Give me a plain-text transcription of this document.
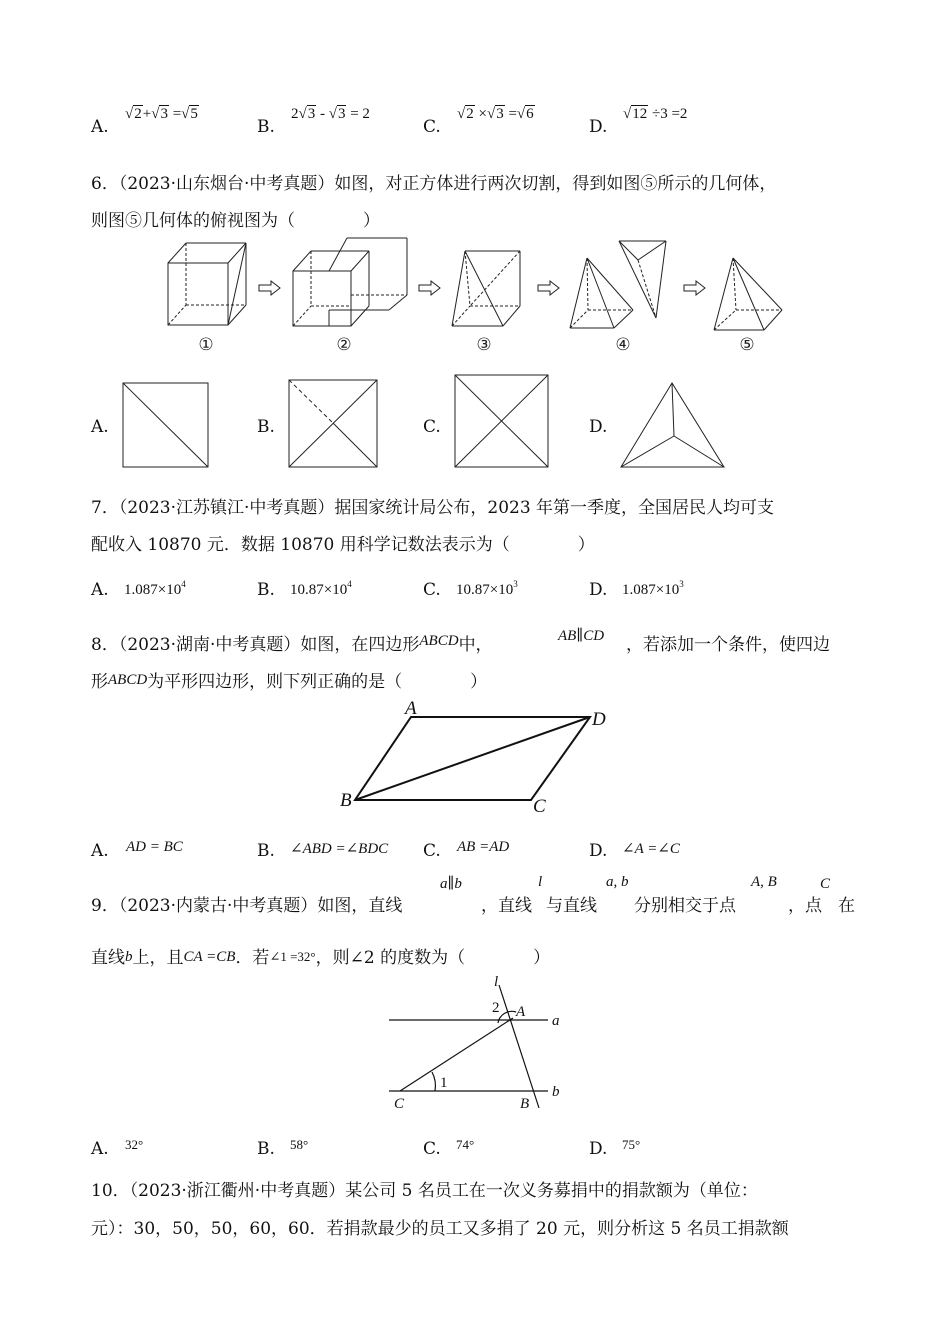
A.
√2+√3 =√5
B.
2√3 - √3 = 2
C.
√2 ×√3 =√6
D.
√12 ÷3 =2
6．（2023·山东烟台·中考真题）如图，对正方体进行两次切割，得到如图⑤所示的几何体，
则图⑤几何体的俯视图为（　　　　）
①	②	③	④	⑤
A.	B.	C.	D.
7．（2023·江苏镇江·中考真题）据国家统计局公布，2023 年第一季度，全国居民人均可支
配收入 10870 元．数据 10870 用科学记数法表示为（　　　　）
A. $1.087\times 10^4$	B. $10.87\times 10^4$	C. $10.87\times 10^3$	D. $1.087\times 10^3$
8．（2023·湖南·中考真题）如图，在四边形ABCD中，	AB∥CD ，若添加一个条件，使四边
形ABCD为平形四边形，则下列正确的是（　　　　）
A
D
B	C
A. AD = BC	B. ∠ABD =∠BDC C. AB =AD	D. ∠A =∠C
9．（2023·内蒙古·中考真题）如图，直线
a∥b
，直线
l
与直线
a, b
分别相交于点
A, B
，点
C
在
直线b上，且CA =CB．若∠1 =32°，则∠2 的度数为（　　　　）
l
2 A
a
1
C	B
b
A. 32°	B. 58°	C. 74°	D. 75°
10．（2023·浙江衢州·中考真题）某公司 5 名员工在一次义务募捐中的捐款额为（单位：
元）：30，50，50，60，60．若捐款最少的员工又多捐了 20 元，则分析这 5 名员工捐款额
